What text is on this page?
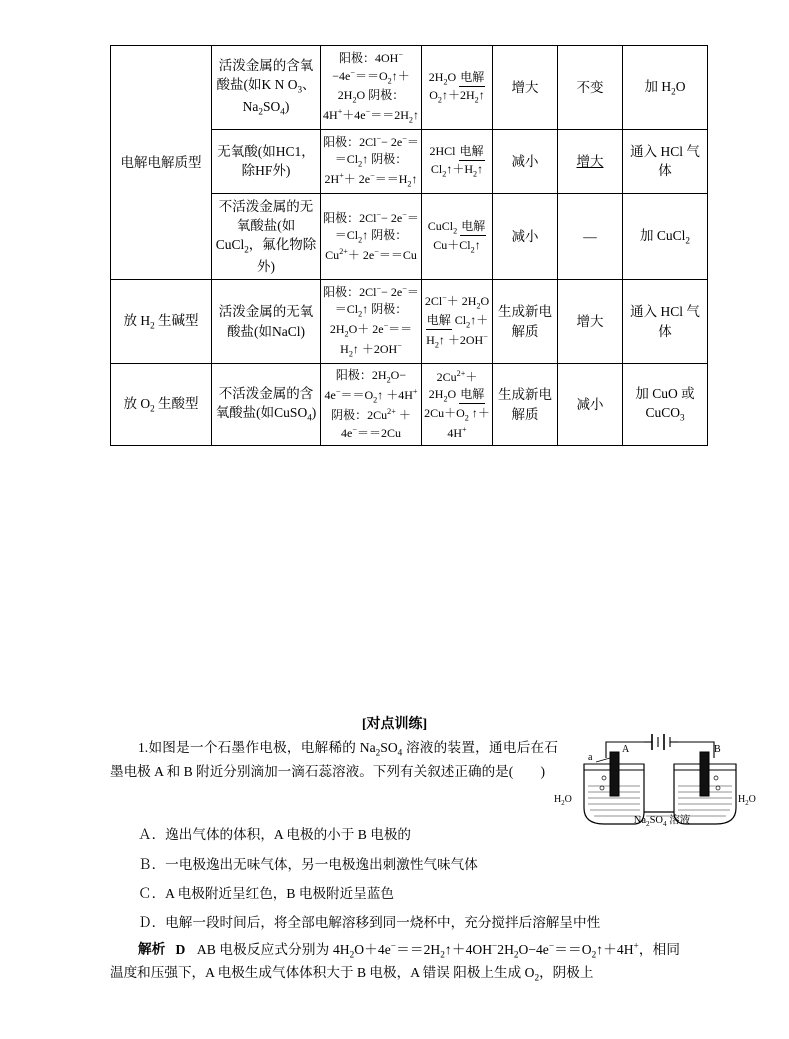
电解电解质型	活泼金属的含氧酸盐(如K N $O_3$、$Na_2SO_4$)	阳极：$4OH^- -4e^-==O_2↑+2H_2O$ 阴极：$4H^++4e^-==2H_2↑$	$2H_2O$ 电解 $O_2↑+2H_2↑$	增大	不变	加 $H_2O$
	无氧酸(如HC1，除HF外)	阳极：$2Cl^-- 2e^-==Cl_2↑$ 阴极：$2H^++ 2e^-==H_2↑$	2HCl 电解 $Cl_2↑+H_2↑$	减小	增大	通入 HCl 气体
	不活泼金属的无氧酸盐(如CuCl$_2$，氟化物除外)	阳极：$2Cl^-- 2e^-==Cl_2↑$ 阴极：$Cu^{2+}+ 2e^-==Cu$	CuCl$_2$ 电解 $Cu+Cl_2↑$	减小	—	加 CuCl$_2$
放 $H_2$ 生碱型	活泼金属的无氧酸盐(如NaCl)	阳极：$2Cl^-- 2e^-==Cl_2↑$ 阴极：$2H_2O+$ $2e^-==H_2↑ +2OH^-$	$2Cl^-+ 2H_2O$ 电解 $Cl_2↑+H_2↑ +2OH^-$	生成新电解质	增大	通入 HCl 气体
放 $O_2$ 生酸型	不活泼金属的含氧酸盐(如CuSO$_4$)	阳极：$2H_2O-$ $4e^-==O_2↑ +4H^+$ 阴极：$2Cu^{2+} +4e^-==2Cu$	$2Cu^{2+}+ 2H_2O$ 电解 $2Cu+O_2$ ↑＋4H+	生成新电解质	减小	加 CuO 或 CuCO$_3$
[对点训练]
1.如图是一个石墨作电极，电解稀的 $Na_2SO_4$ 溶液的装置，通电后在石墨电极 A 和 B 附近分别滴加一滴石蕊溶液。下列有关叙述正确的是(　　)
a
A	B
$H_2O$	$H_2O$
$Na_2SO_4$ 溶液
Ａ．逸出气体的体积，A 电极的小于 B 电极的
Ｂ．一电极逸出无味气体，另一电极逸出刺激性气味气体
Ｃ．A 电极附近呈红色，B 电极附近呈蓝色
Ｄ．电解一段时间后，将全部电解溶移到同一烧杯中，充分搅拌后溶解呈中性
解析 D AB 电极反应式分别为 $4H_2O+4e^-==2H_2↑+4OH^-2H_2O-4e^-==O_2↑+4H^+$，相同温度和压强下，A 电极生成气体体积大于 B 电极，A 错误 阳极上生成 $O_2$，阴极上
